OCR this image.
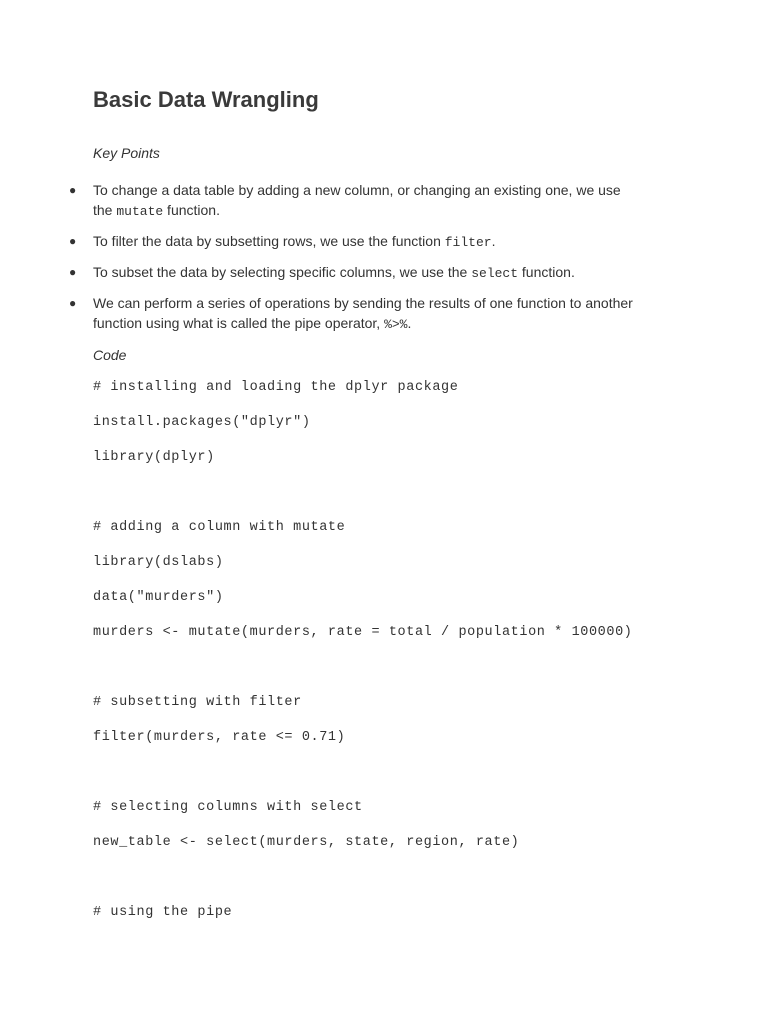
Basic Data Wrangling

Key Points

● To change a data table by adding a new column, or changing an existing one, we use
the mutate function.
● To filter the data by subsetting rows, we use the function filter.
● To subset the data by selecting specific columns, we use the select function.
● We can perform a series of operations by sending the results of one function to another
function using what is called the pipe operator, %>%.

Code

# installing and loading the dplyr package

install.packages("dplyr")

library(dplyr)

# adding a column with mutate

library(dslabs)

data("murders")

murders <- mutate(murders, rate = total / population * 100000)

# subsetting with filter

filter(murders, rate <= 0.71)

# selecting columns with select

new_table <- select(murders, state, region, rate)

# using the pipe
